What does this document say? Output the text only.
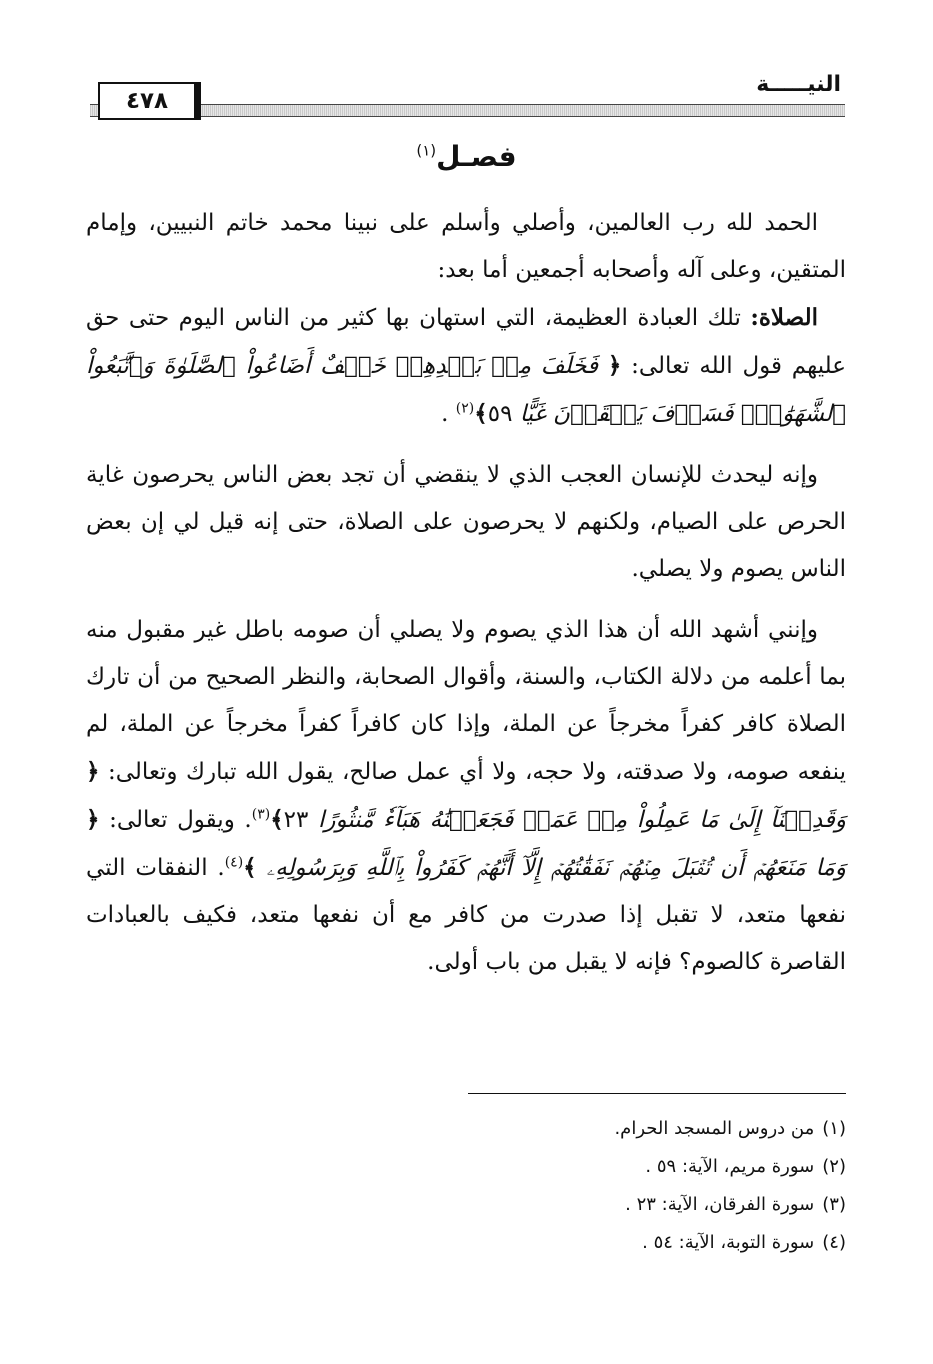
٤٧٨
النيـــــة
فصـل$^{(١)}$

الحمد لله رب العالمين، وأصلي وأسلم على نبينا محمد خاتم النبيين، وإمام المتقين، وعلى آله وأصحابه أجمعين أما بعد:

الصلاة: تلك العبادة العظيمة، التي استهان بها كثير من الناس اليوم حتى حق عليهم قول الله تعالى: ﴿ فَخَلَفَ مِنۢ بَعۡدِهِمۡ خَلۡفٌ أَضَاعُواْ ٱلصَّلَوٰةَ وَٱتَّبَعُواْ ٱلشَّهَوَٰتِۖ فَسَوۡفَ يَلۡقَوۡنَ غَيًّا ٥٩﴾$^{(٢)}$ .

وإنه ليحدث للإنسان العجب الذي لا ينقضي أن تجد بعض الناس يحرصون غاية الحرص على الصيام، ولكنهم لا يحرصون على الصلاة، حتى إنه قيل لي إن بعض الناس يصوم ولا يصلي.

وإنني أشهد الله أن هذا الذي يصوم ولا يصلي أن صومه باطل غير مقبول منه بما أعلمه من دلالة الكتاب، والسنة، وأقوال الصحابة، والنظر الصحيح من أن تارك الصلاة كافر كفراً مخرجاً عن الملة، وإذا كان كافراً كفراً مخرجاً عن الملة، لم ينفعه صومه، ولا صدقته، ولا حجه، ولا أي عمل صالح، يقول الله تبارك وتعالى: ﴿ وَقَدِمۡنَآ إِلَىٰ مَا عَمِلُواْ مِنۡ عَمَلٖ فَجَعَلۡنَٰهُ هَبَآءٗ مَّنثُورًا ٢٣﴾$^{(٣)}$. ويقول تعالى: ﴿ وَمَا مَنَعَهُمۡ أَن تُقۡبَلَ مِنۡهُمۡ نَفَقَٰتُهُمۡ إِلَّآ أَنَّهُمۡ كَفَرُواْ بِٱللَّهِ وَبِرَسُولِهِۦ ﴾$^{(٤)}$. النفقات التي نفعها متعد، لا تقبل إذا صدرت من كافر مع أن نفعها متعد، فكيف بالعبادات القاصرة كالصوم؟ فإنه لا يقبل من باب أولى.

(١)من دروس المسجد الحرام.
(٢)سورة مريم، الآية: ٥٩ .
(٣)سورة الفرقان، الآية: ٢٣ .
(٤)سورة التوبة، الآية: ٥٤ .
